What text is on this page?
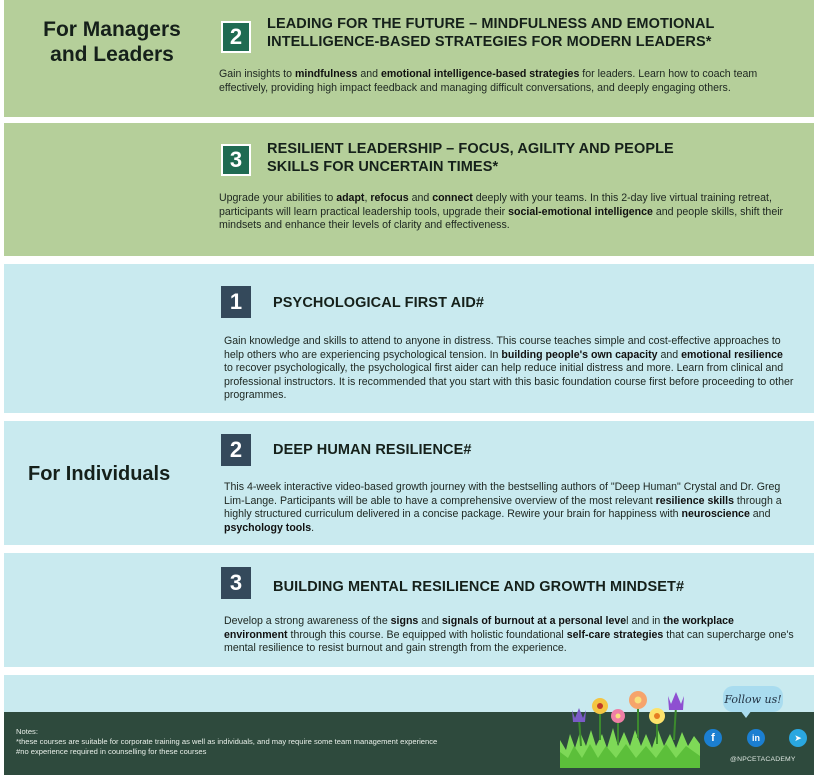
For Managers and Leaders
2	LEADING FOR THE FUTURE – MINDFULNESS AND EMOTIONAL INTELLIGENCE-BASED STRATEGIES FOR MODERN LEADERS*
Gain insights to mindfulness and emotional intelligence-based strategies for leaders. Learn how to coach team effectively, providing high impact feedback and managing difficult conversations, and deeply engaging others.
3	RESILIENT LEADERSHIP – FOCUS, AGILITY AND PEOPLE SKILLS FOR UNCERTAIN TIMES*
Upgrade your abilities to adapt, refocus and connect deeply with your teams. In this 2-day live virtual training retreat, participants will learn practical leadership tools, upgrade their social-emotional intelligence and people skills, shift their mindsets and enhance their levels of clarity and effectiveness.
For Individuals
1	PSYCHOLOGICAL FIRST AID#
Gain knowledge and skills to attend to anyone in distress. This course teaches simple and cost-effective approaches to help others who are experiencing psychological tension. In building people's own capacity and emotional resilience to recover psychologically, the psychological first aider can help reduce initial distress and more. Learn from clinical and professional instructors. It is recommended that you start with this basic foundation course first before proceeding to other programmes.
2	DEEP HUMAN RESILIENCE#
This 4-week interactive video-based growth journey with the bestselling authors of "Deep Human" Crystal and Dr. Greg Lim-Lange. Participants will be able to have a comprehensive overview of the most relevant resilience skills through a highly structured curriculum delivered in a concise package. Rewire your brain for happiness with neuroscience and psychology tools.
3	BUILDING MENTAL RESILIENCE AND GROWTH MINDSET#
Develop a strong awareness of the signs and signals of burnout at a personal level and in the workplace environment through this course. Be equipped with holistic foundational self-care strategies that can supercharge one's mental resilience to resist burnout and gain strength from the experience.
Notes:
*these courses are suitable for corporate training as well as individuals, and may require some team management experience
#no experience required in counselling for these courses
Follow us!
f	in	➤
@NPCETACADEMY
